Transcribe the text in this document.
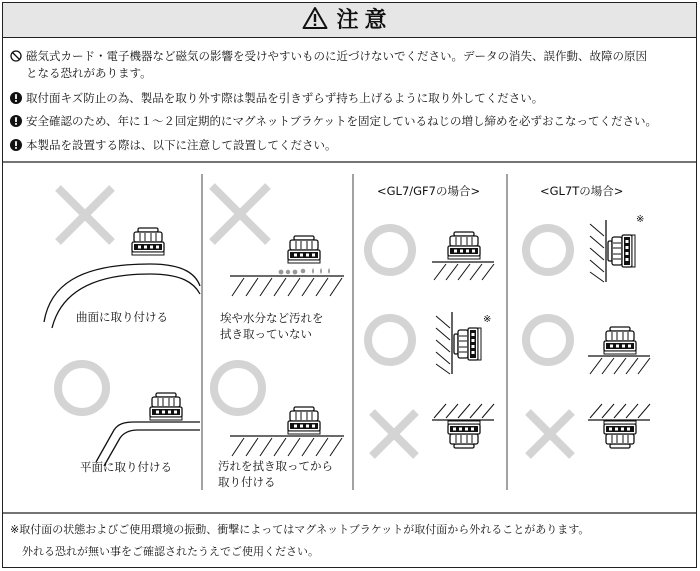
注意
磁気式カード・電子機器など磁気の影響を受けやすいものに近づけないでください。データの消失、誤作動、故障の原因
となる恐れがあります。
取付面キズ防止の為、製品を取り外す際は製品を引きずらず持ち上げるように取り外してください。
安全確認のため、年に１～２回定期的にマグネットブラケットを固定しているねじの増し締めを必ずおこなってください。
本製品を設置する際は、以下に注意して設置してください。
曲面に取り付ける
平面に取り付ける
埃や水分など汚れを
拭き取っていない
汚れを拭き取ってから
取り付ける
<GL7/GF7の場合>	<GL7Tの場合>
※
※
※取付面の状態およびご使用環境の振動、衝撃によってはマグネットブラケットが取付面から外れることがあります。
外れる恐れが無い事をご確認されたうえでご使用ください。
